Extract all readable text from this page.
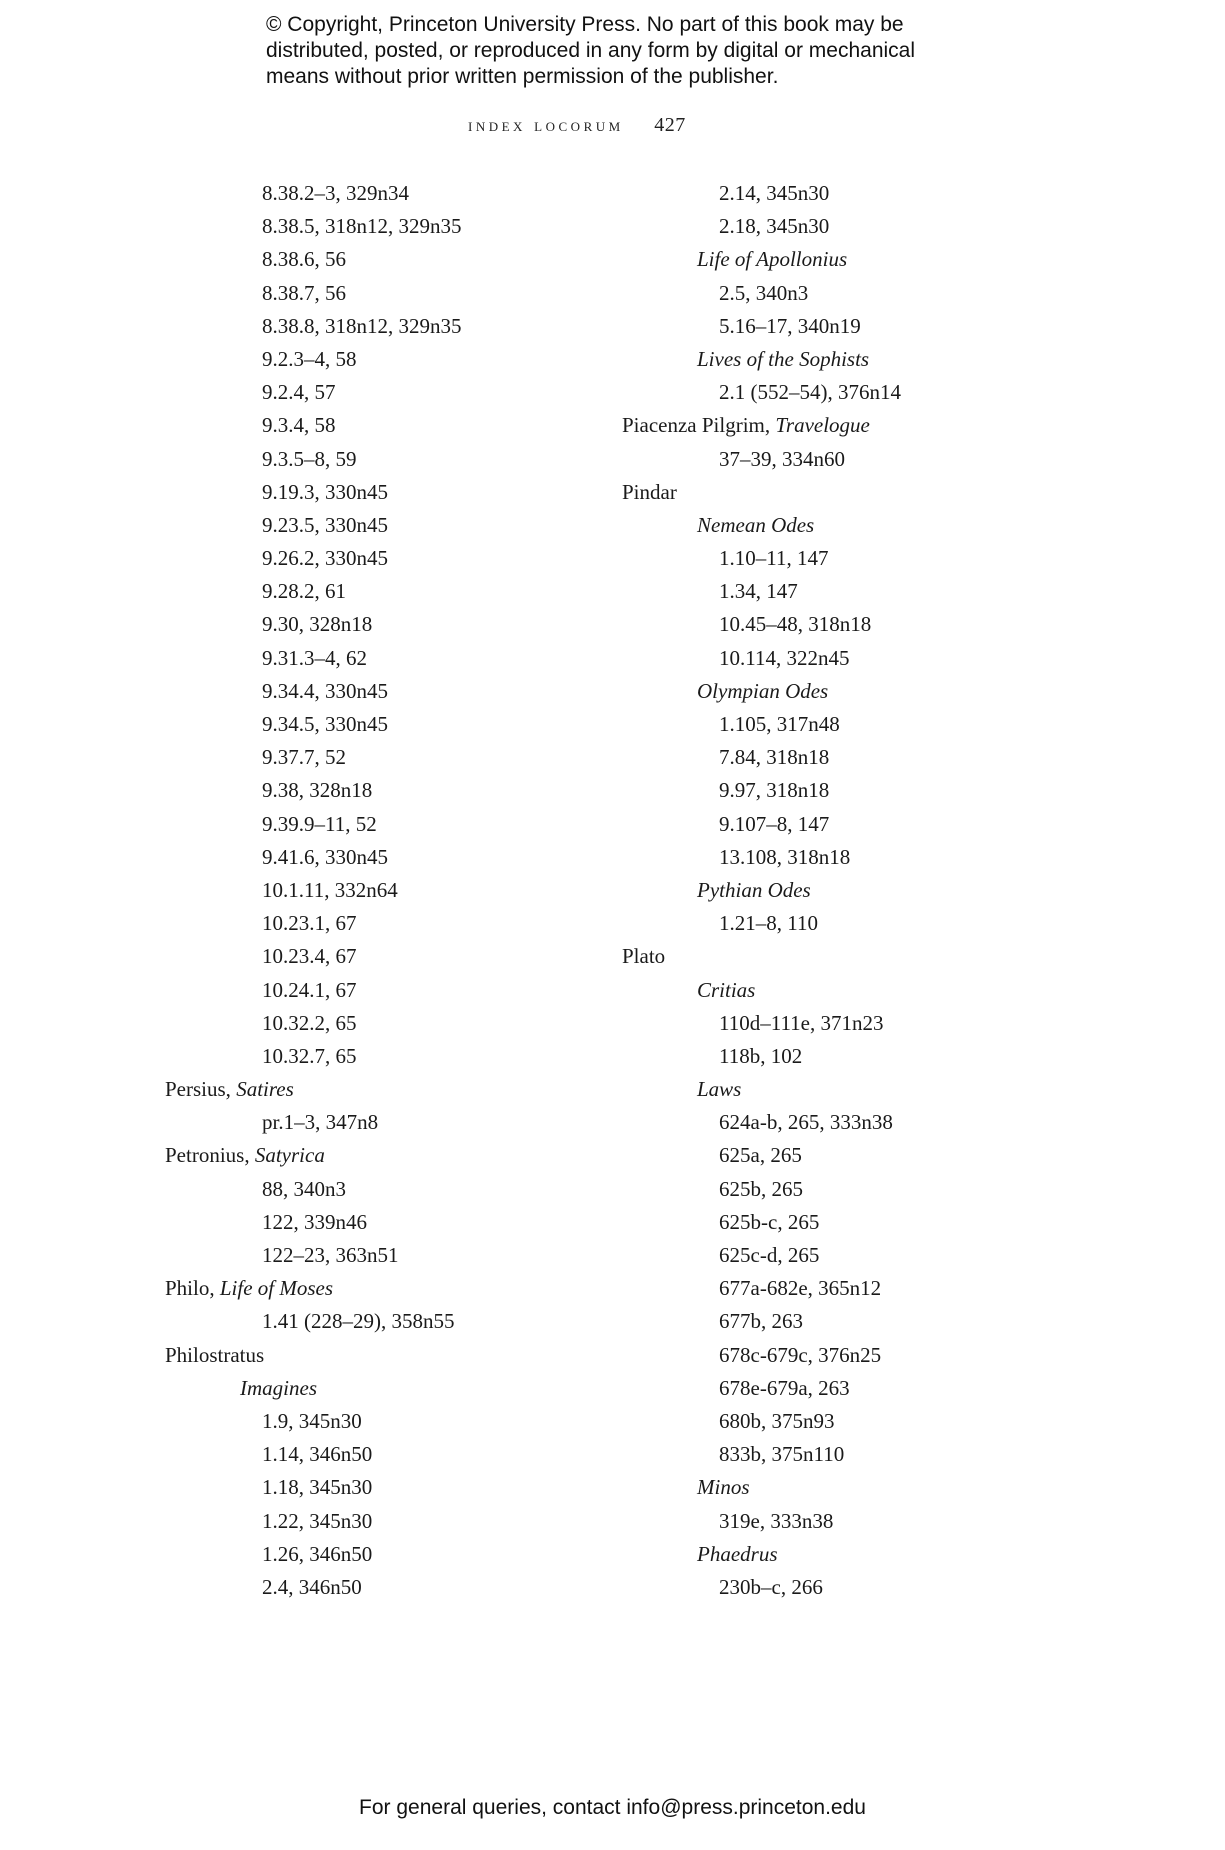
© Copyright, Princeton University Press. No part of this book may be
distributed, posted, or reproduced in any form by digital or mechanical
means without prior written permission of the publisher.
index locorum 427
8.38.2–3, 329n34
8.38.5, 318n12, 329n35
8.38.6, 56
8.38.7, 56
8.38.8, 318n12, 329n35
9.2.3–4, 58
9.2.4, 57
9.3.4, 58
9.3.5–8, 59
9.19.3, 330n45
9.23.5, 330n45
9.26.2, 330n45
9.28.2, 61
9.30, 328n18
9.31.3–4, 62
9.34.4, 330n45
9.34.5, 330n45
9.37.7, 52
9.38, 328n18
9.39.9–11, 52
9.41.6, 330n45
10.1.11, 332n64
10.23.1, 67
10.23.4, 67
10.24.1, 67
10.32.2, 65
10.32.7, 65
Persius, Satires
pr.1–3, 347n8
Petronius, Satyrica
88, 340n3
122, 339n46
122–23, 363n51
Philo, Life of Moses
1.41 (228–29), 358n55
Philostratus
Imagines
1.9, 345n30
1.14, 346n50
1.18, 345n30
1.22, 345n30
1.26, 346n50
2.4, 346n50
2.14, 345n30
2.18, 345n30
Life of Apollonius
2.5, 340n3
5.16–17, 340n19
Lives of the Sophists
2.1 (552–54), 376n14
Piacenza Pilgrim, Travelogue
37–39, 334n60
Pindar
Nemean Odes
1.10–11, 147
1.34, 147
10.45–48, 318n18
10.114, 322n45
Olympian Odes
1.105, 317n48
7.84, 318n18
9.97, 318n18
9.107–8, 147
13.108, 318n18
Pythian Odes
1.21–8, 110
Plato
Critias
110d–111e, 371n23
118b, 102
Laws
624a-b, 265, 333n38
625a, 265
625b, 265
625b-c, 265
625c-d, 265
677a-682e, 365n12
677b, 263
678c-679c, 376n25
678e-679a, 263
680b, 375n93
833b, 375n110
Minos
319e, 333n38
Phaedrus
230b–c, 266
For general queries, contact info@press.princeton.edu
